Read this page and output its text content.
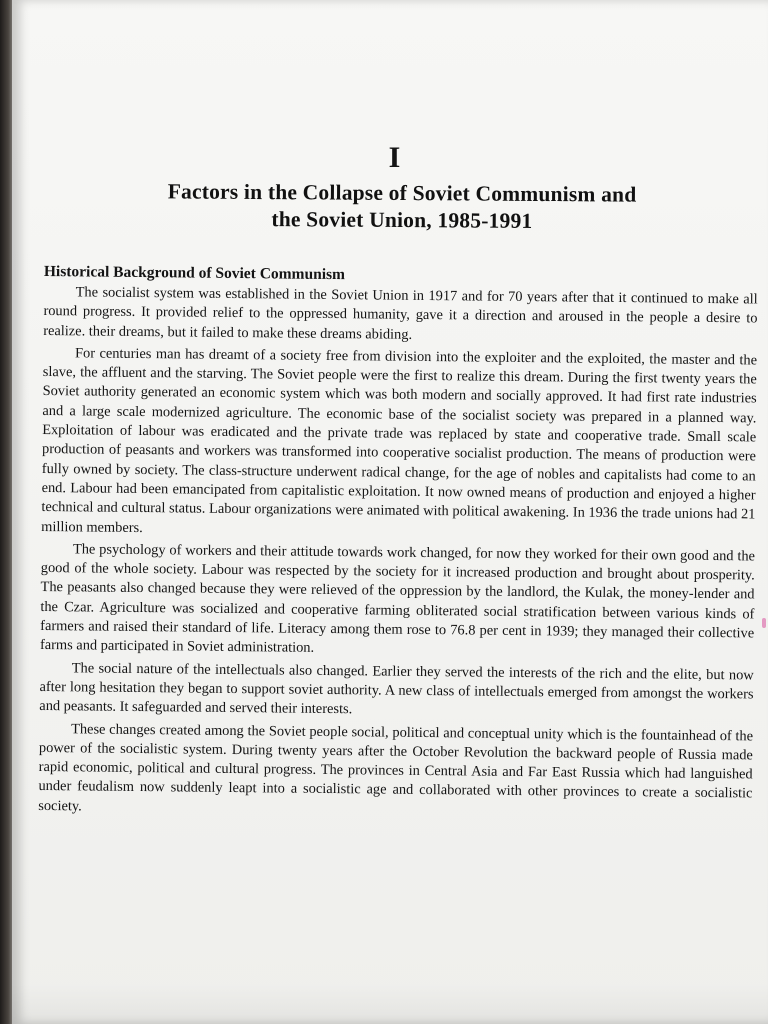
I
Factors in the Collapse of Soviet Communism and
the Soviet Union, 1985-1991
Historical Background of Soviet Communism

The socialist system was established in the Soviet Union in 1917 and for 70 years after that it continued to make all round progress. It provided relief to the oppressed humanity, gave it a direction and aroused in the people a desire to realize. their dreams, but it failed to make these dreams abiding.

For centuries man has dreamt of a society free from division into the exploiter and the exploited, the master and the slave, the affluent and the starving. The Soviet people were the first to realize this dream. During the first twenty years the Soviet authority generated an economic system which was both modern and socially approved. It had first rate industries and a large scale modernized agriculture. The economic base of the socialist society was prepared in a planned way. Exploitation of labour was eradicated and the private trade was replaced by state and cooperative trade. Small scale production of peasants and workers was transformed into cooperative socialist production. The means of production were fully owned by society. The class-structure underwent radical change, for the age of nobles and capitalists had come to an end. Labour had been emancipated from capitalistic exploitation. It now owned means of production and enjoyed a higher technical and cultural status. Labour organizations were animated with political awakening. In 1936 the trade unions had 21 million members.

The psychology of workers and their attitude towards work changed, for now they worked for their own good and the good of the whole society. Labour was respected by the society for it increased production and brought about prosperity. The peasants also changed because they were relieved of the oppression by the landlord, the Kulak, the money-lender and the Czar. Agriculture was socialized and cooperative farming obliterated social stratification between various kinds of farmers and raised their standard of life. Literacy among them rose to 76.8 per cent in 1939; they managed their collective farms and participated in Soviet administration.

The social nature of the intellectuals also changed. Earlier they served the interests of the rich and the elite, but now after long hesitation they began to support soviet authority. A new class of intellectuals emerged from amongst the workers and peasants. It safeguarded and served their interests.

These changes created among the Soviet people social, political and conceptual unity which is the fountainhead of the power of the socialistic system. During twenty years after the October Revolution the backward people of Russia made rapid economic, political and cultural progress. The provinces in Central Asia and Far East Russia which had languished under feudalism now suddenly leapt into a socialistic age and collaborated with other provinces to create a socialistic society.
